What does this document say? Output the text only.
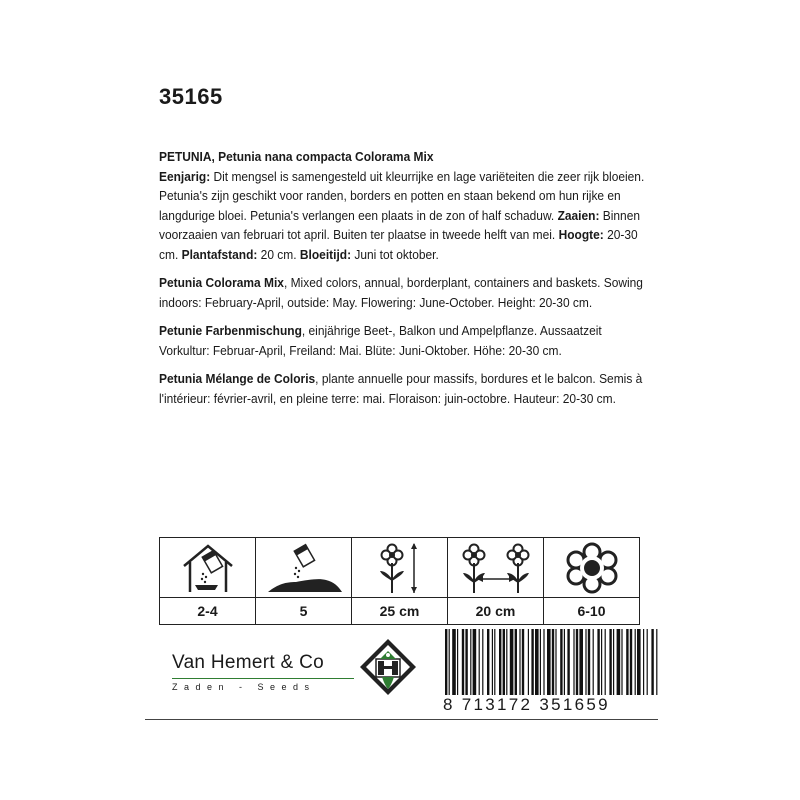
35165

PETUNIA, Petunia nana compacta Colorama Mix
Eenjarig: Dit mengsel is samengesteld uit kleurrijke en lage variëteiten die zeer rijk bloeien. Petunia's zijn geschikt voor randen, borders en potten en staan bekend om hun rijke en langdurige bloei. Petunia's verlangen een plaats in de zon of half schaduw. Zaaien: Binnen voorzaaien van februari tot april. Buiten ter plaatse in tweede helft van mei. Hoogte: 20-30 cm. Plantafstand: 20 cm. Bloeitijd: Juni tot oktober.

Petunia Colorama Mix, Mixed colors, annual, borderplant, containers and baskets. Sowing indoors: February-April, outside: May. Flowering: June-October. Height: 20-30 cm.

Petunie Farbenmischung, einjährige Beet-, Balkon und Ampelpflanze. Aussaatzeit Vorkultur: Februar-April, Freiland: Mai. Blüte: Juni-Oktober. Höhe: 20-30 cm.

Petunia Mélange de Coloris, plante annuelle pour massifs, bordures et le balcon. Semis à l'intérieur: février-avril, en pleine terre: mai. Floraison: juin-octobre. Hauteur: 20-30 cm.

2-4	5	25 cm	20 cm	6-10
Van Hemert & Co
Zaden - Seeds
8 713172 351659
